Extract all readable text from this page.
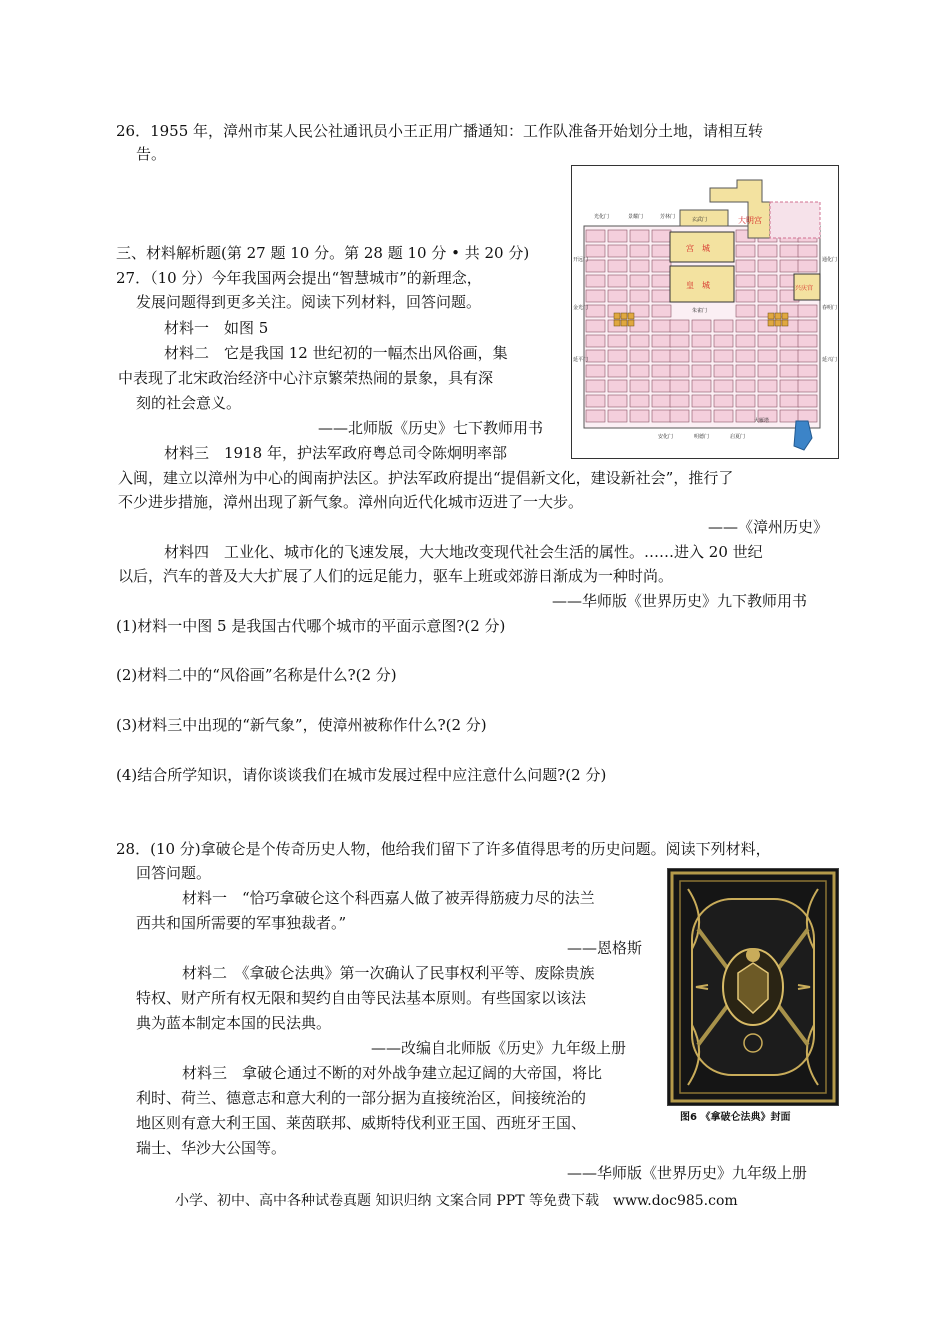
26．1955 年，漳州市某人民公社通讯员小王正用广播通知：工作队准备开始划分土地，请相互转
告。
大明宫
玄武门
宫　城
皇　城	兴庆宫
大雁塔
光化门	景耀门	芳林门
开远门
金光门
延平门
通化门
春明门
延兴门
朱雀门
安化门	明德门	启夏门
三、材料解析题(第 27 题 10 分。第 28 题 10 分 • 共 20 分)
27．（10 分）今年我国两会提出“智慧城市”的新理念，
发展问题得到更多关注。阅读下列材料，回答问题。
材料一　如图 5
材料二　它是我国 12 世纪初的一幅杰出风俗画，集
中表现了北宋政治经济中心汴京繁荣热闹的景象，具有深
刻的社会意义。
——北师版《历史》七下教师用书
材料三　1918 年，护法军政府粤总司令陈炯明率部
入闽，建立以漳州为中心的闽南护法区。护法军政府提出“提倡新文化，建设新社会”，推行了
不少进步措施，漳州出现了新气象。漳州向近代化城市迈进了一大步。
——《漳州历史》
材料四　工业化、城市化的飞速发展，大大地改变现代社会生活的属性。……进入 20 世纪
以后，汽车的普及大大扩展了人们的远足能力，驱车上班或郊游日渐成为一种时尚。
——华师版《世界历史》九下教师用书
(1)材料一中图 5 是我国古代哪个城市的平面示意图?(2 分)
(2)材料二中的“风俗画”名称是什么?(2 分)
(3)材料三中出现的“新气象”，使漳州被称作什么?(2 分)
(4)结合所学知识，请你谈谈我们在城市发展过程中应注意什么问题?(2 分)
28．(10 分)拿破仑是个传奇历史人物，他给我们留下了许多值得思考的历史问题。阅读下列材料，
回答问题。
材料一　“恰巧拿破仑这个科西嘉人做了被弄得筋疲力尽的法兰
西共和国所需要的军事独裁者。”
——恩格斯
材料二　《拿破仑法典》第一次确认了民事权利平等、废除贵族
特权、财产所有权无限和契约自由等民法基本原则。有些国家以该法
典为蓝本制定本国的民法典。
——改编自北师版《历史》九年级上册
材料三　拿破仑通过不断的对外战争建立起辽阔的大帝国，将比
利时、荷兰、德意志和意大利的一部分据为直接统治区，间接统治的
地区则有意大利王国、莱茵联邦、威斯特伐利亚王国、西班牙王国、
瑞士、华沙大公国等。
——华师版《世界历史》九年级上册
图6 《拿破仑法典》封面
小学、初中、高中各种试卷真题 知识归纳 文案合同 PPT 等免费下载　www.doc985.com
